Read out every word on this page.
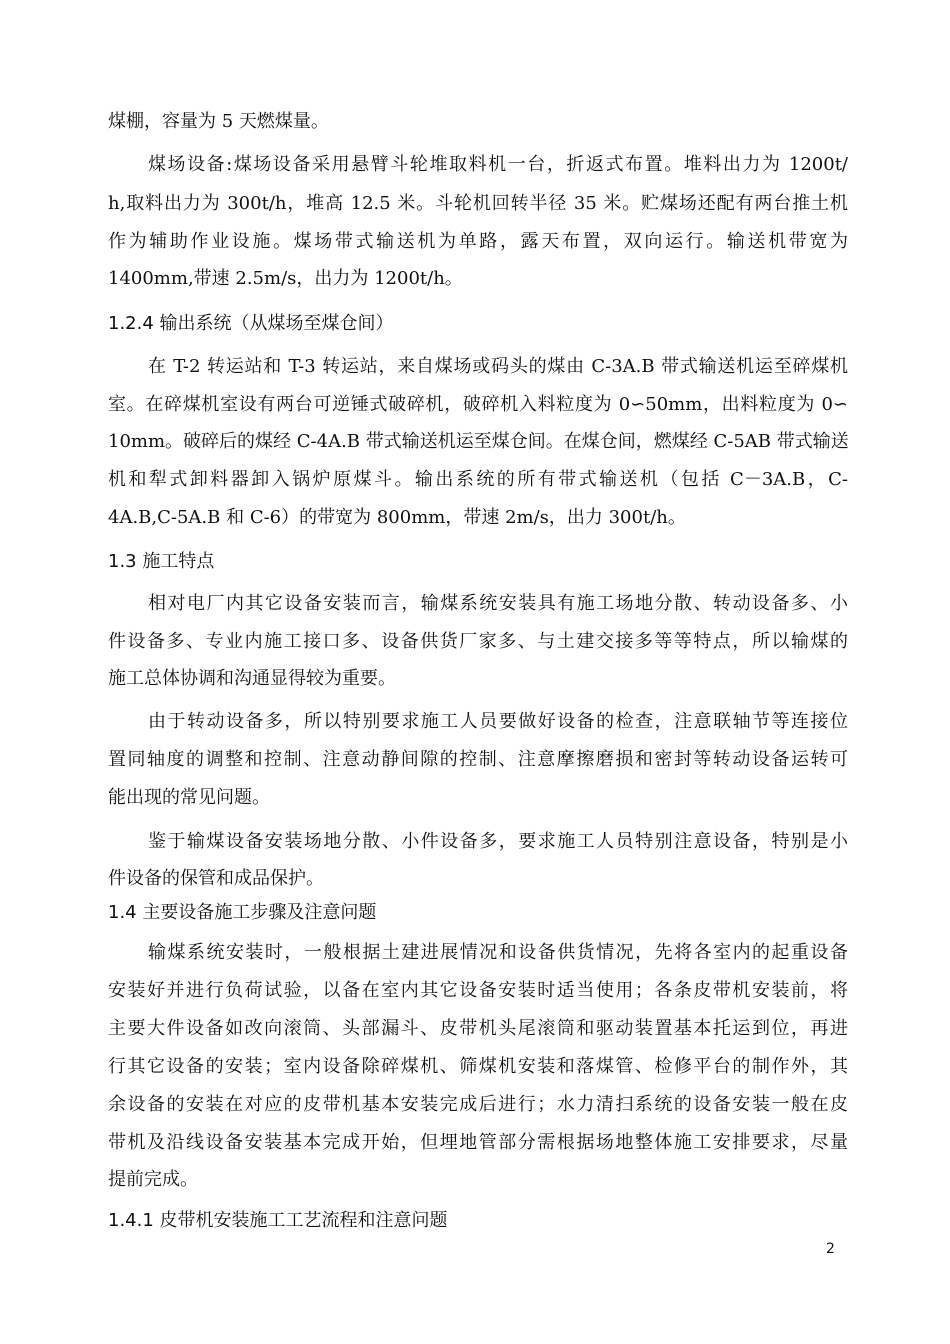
煤棚，容量为 5 天燃煤量。
煤场设备:煤场设备采用悬臂斗轮堆取料机一台，折返式布置。堆料出力为 1200t/
h,取料出力为 300t/h，堆高 12.5 米。斗轮机回转半径 35 米。贮煤场还配有两台推土机
作为辅助作业设施。煤场带式输送机为单路，露天布置，双向运行。输送机带宽为
1400mm,带速 2.5m/s，出力为 1200t/h。
1.2.4 输出系统（从煤场至煤仓间）
在 T-2 转运站和 T-3 转运站，来自煤场或码头的煤由 C-3A.B 带式输送机运至碎煤机
室。在碎煤机室设有两台可逆锤式破碎机，破碎机入料粒度为 0∽50mm，出料粒度为 0∽
10mm。破碎后的煤经 C-4A.B 带式输送机运至煤仓间。在煤仓间，燃煤经 C-5AB 带式输送
机和犁式卸料器卸入锅炉原煤斗。输出系统的所有带式输送机（包括 C－3A.B，C-
4A.B,C-5A.B 和 C-6）的带宽为 800mm，带速 2m/s，出力 300t/h。
1.3 施工特点
相对电厂内其它设备安装而言，输煤系统安装具有施工场地分散、转动设备多、小
件设备多、专业内施工接口多、设备供货厂家多、与土建交接多等等特点，所以输煤的
施工总体协调和沟通显得较为重要。
由于转动设备多，所以特别要求施工人员要做好设备的检查，注意联轴节等连接位
置同轴度的调整和控制、注意动静间隙的控制、注意摩擦磨损和密封等转动设备运转可
能出现的常见问题。
鉴于输煤设备安装场地分散、小件设备多，要求施工人员特别注意设备，特别是小
件设备的保管和成品保护。
1.4 主要设备施工步骤及注意问题
输煤系统安装时，一般根据土建进展情况和设备供货情况，先将各室内的起重设备
安装好并进行负荷试验，以备在室内其它设备安装时适当使用；各条皮带机安装前，将
主要大件设备如改向滚筒、头部漏斗、皮带机头尾滚筒和驱动装置基本托运到位，再进
行其它设备的安装；室内设备除碎煤机、筛煤机安装和落煤管、检修平台的制作外，其
余设备的安装在对应的皮带机基本安装完成后进行；水力清扫系统的设备安装一般在皮
带机及沿线设备安装基本完成开始，但埋地管部分需根据场地整体施工安排要求，尽量
提前完成。
1.4.1 皮带机安装施工工艺流程和注意问题
2
